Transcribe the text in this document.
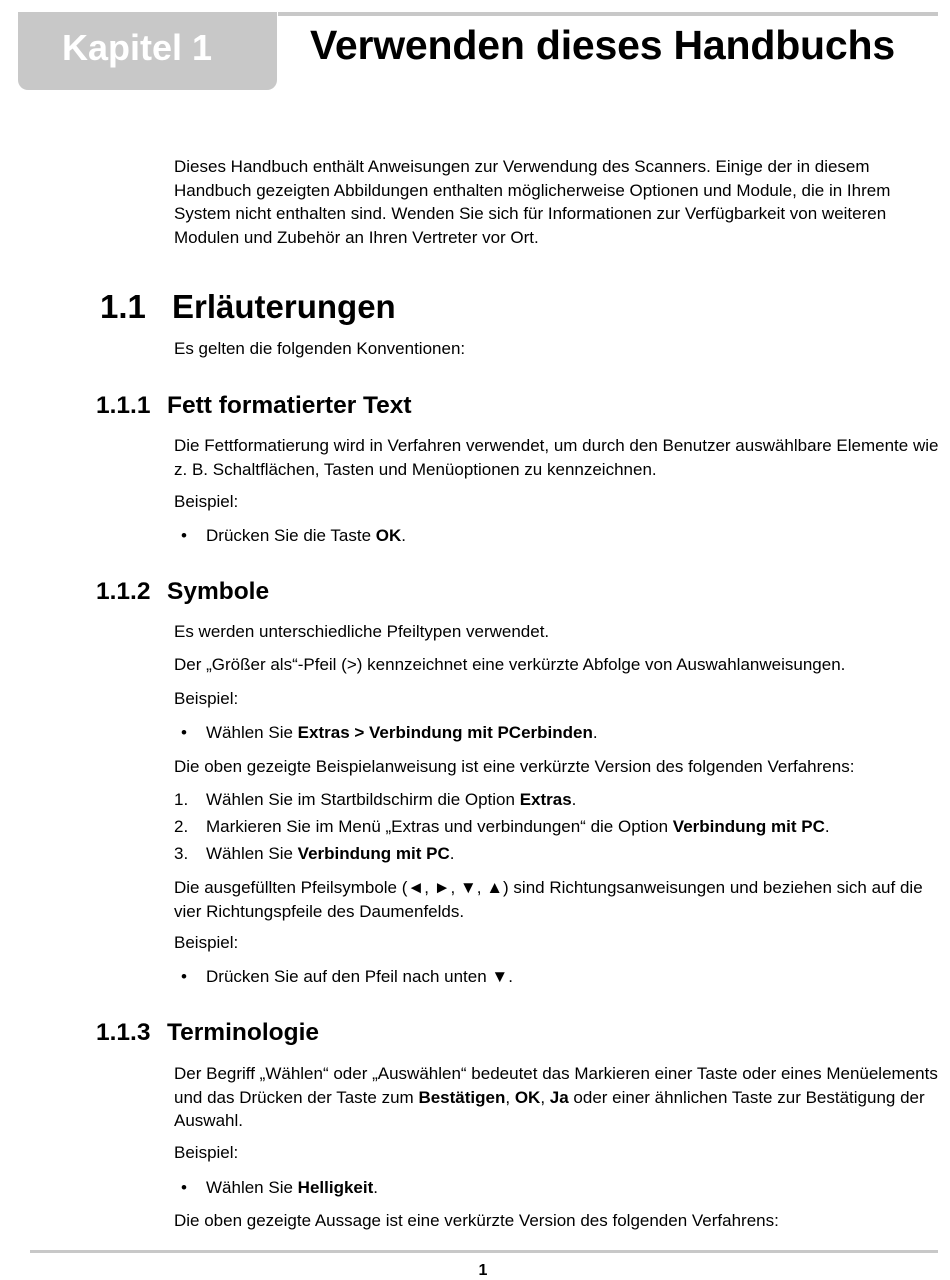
Kapitel 1 Verwenden dieses Handbuchs
Dieses Handbuch enthält Anweisungen zur Verwendung des Scanners. Einige der in diesem Handbuch gezeigten Abbildungen enthalten möglicherweise Optionen und Module, die in Ihrem System nicht enthalten sind. Wenden Sie sich für Informationen zur Verfügbarkeit von weiteren Modulen und Zubehör an Ihren Vertreter vor Ort.
1.1 Erläuterungen
Es gelten die folgenden Konventionen:
1.1.1 Fett formatierter Text
Die Fettformatierung wird in Verfahren verwendet, um durch den Benutzer auswählbare Elemente wie z. B. Schaltflächen, Tasten und Menüoptionen zu kennzeichnen.
Beispiel:
• Drücken Sie die Taste OK.
1.1.2 Symbole
Es werden unterschiedliche Pfeiltypen verwendet.
Der „Größer als“-Pfeil (>) kennzeichnet eine verkürzte Abfolge von Auswahlanweisungen.
Beispiel:
• Wählen Sie Extras > Verbindung mit PCerbinden.
Die oben gezeigte Beispielanweisung ist eine verkürzte Version des folgenden Verfahrens:
1. Wählen Sie im Startbildschirm die Option Extras.
2. Markieren Sie im Menü „Extras und verbindungen“ die Option Verbindung mit PC.
3. Wählen Sie Verbindung mit PC.
Die ausgefüllten Pfeilsymbole (◄, ►, ▼, ▲) sind Richtungsanweisungen und beziehen sich auf die vier Richtungspfeile des Daumenfelds.
Beispiel:
• Drücken Sie auf den Pfeil nach unten ▼.
1.1.3 Terminologie
Der Begriff „Wählen“ oder „Auswählen“ bedeutet das Markieren einer Taste oder eines Menüelements und das Drücken der Taste zum Bestätigen, OK, Ja oder einer ähnlichen Taste zur Bestätigung der Auswahl.
Beispiel:
• Wählen Sie Helligkeit.
Die oben gezeigte Aussage ist eine verkürzte Version des folgenden Verfahrens:
1
